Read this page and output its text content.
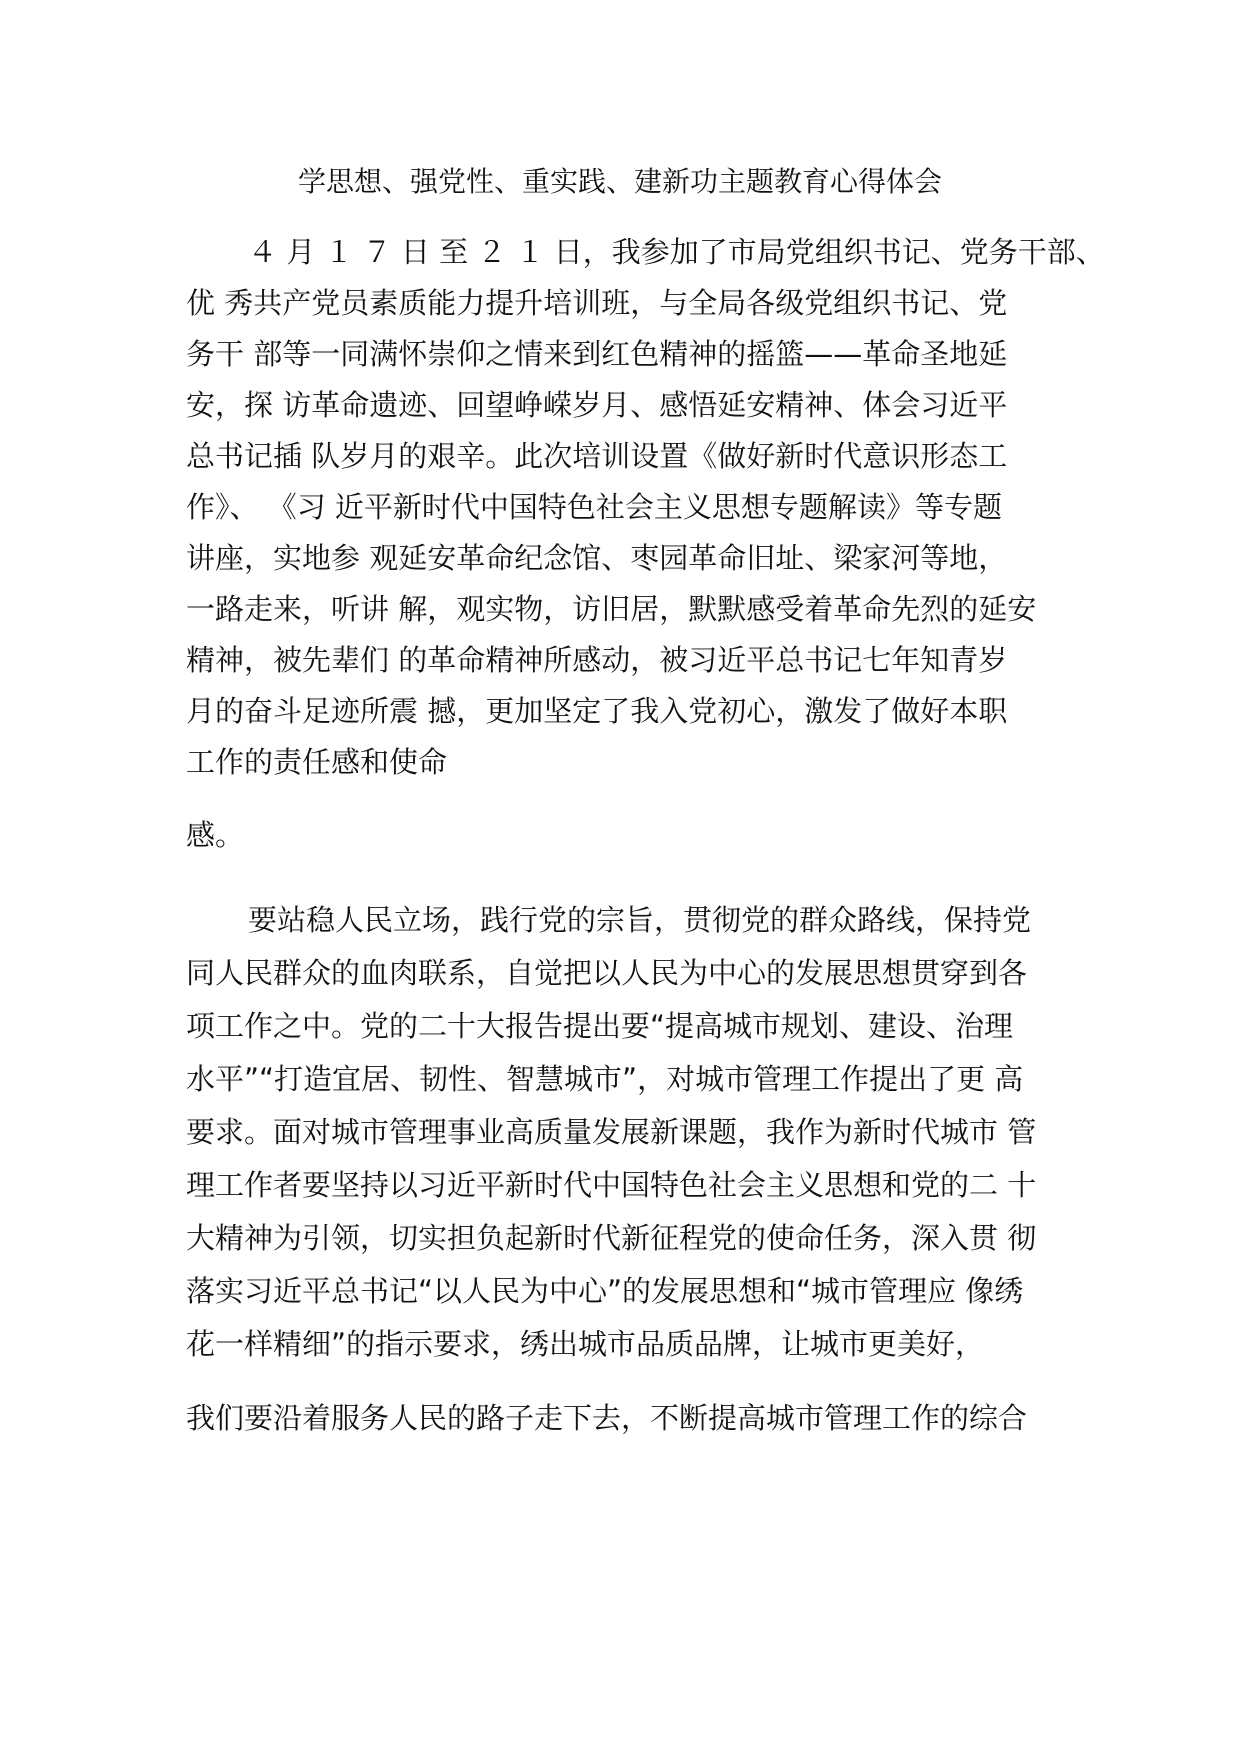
学思想、强党性、重实践、建新功主题教育心得体会
４ 月 １ ７ 日 至 ２ １ 日，我参加了市局党组织书记、党务干部、
优 秀共产党员素质能力提升培训班，与全局各级党组织书记、党
务干 部等一同满怀崇仰之情来到红色精神的摇篮——革命圣地延
安，探 访革命遗迹、回望峥嵘岁月、感悟延安精神、体会习近平
总书记插 队岁月的艰辛。此次培训设置《做好新时代意识形态工
作》、 《习 近平新时代中国特色社会主义思想专题解读》等专题
讲座，实地参 观延安革命纪念馆、枣园革命旧址、梁家河等地，
一路走来，听讲 解，观实物，访旧居，默默感受着革命先烈的延安
精神，被先辈们 的革命精神所感动，被习近平总书记七年知青岁
月的奋斗足迹所震 撼，更加坚定了我入党初心，激发了做好本职
工作的责任感和使命
感。
要站稳人民立场，践行党的宗旨，贯彻党的群众路线，保持党
同人民群众的血肉联系，自觉把以人民为中心的发展思想贯穿到各
项工作之中。党的二十大报告提出要“提高城市规划、建设、治理
水平”“打造宜居、韧性、智慧城市”，对城市管理工作提出了更 高
要求。面对城市管理事业高质量发展新课题，我作为新时代城市 管
理工作者要坚持以习近平新时代中国特色社会主义思想和党的二 十
大精神为引领，切实担负起新时代新征程党的使命任务，深入贯 彻
落实习近平总书记“以人民为中心”的发展思想和“城市管理应 像绣
花一样精细”的指示要求，绣出城市品质品牌，让城市更美好，
我们要沿着服务人民的路子走下去，不断提高城市管理工作的综合
